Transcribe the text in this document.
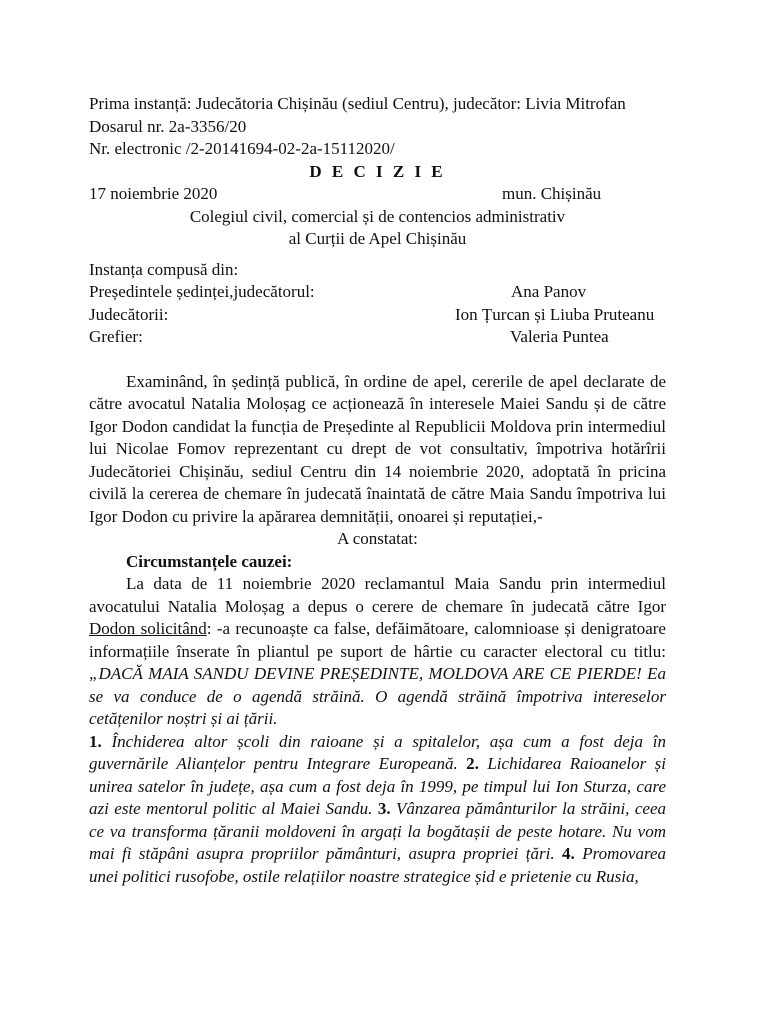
Prima instanță: Judecătoria Chișinău (sediul Centru), judecător: Livia Mitrofan
Dosarul nr. 2a-3356/20
Nr. electronic /2-20141694-02-2a-15112020/
D E C I Z I E
17 noiembrie 2020	mun. Chișinău
Colegiul civil, comercial și de contencios administrativ
al Curții de Apel Chișinău
Instanța compusă din:
Președintele ședinței,judecătorul:	Ana Panov
Judecătorii:	Ion Țurcan și Liuba Pruteanu
Grefier:	Valeria Puntea

Examinând, în ședință publică, în ordine de apel, cererile de apel declarate de către avocatul Natalia Moloșag ce acționează în interesele Maiei Sandu și de către Igor Dodon candidat la funcția de Președinte al Republicii Moldova prin intermediul lui Nicolae Fomov reprezentant cu drept de vot consultativ, împotriva hotărîrii Judecătoriei Chișinău, sediul Centru din 14 noiembrie 2020, adoptată în pricina civilă la cererea de chemare în judecată înaintată de către Maia Sandu împotriva lui Igor Dodon cu privire la apărarea demnității, onoarei și reputației,-

A constatat:

Circumstanțele cauzei:

La data de 11 noiembrie 2020 reclamantul Maia Sandu prin intermediul avocatului Natalia Moloșag a depus o cerere de chemare în judecată către Igor Dodon solicitând: -a recunoaște ca false, defăimătoare, calomnioase și denigratoare informațiile înserate în pliantul pe suport de hârtie cu caracter electoral cu titlu: „DACĂ MAIA SANDU DEVINE PREȘEDINTE, MOLDOVA ARE CE PIERDE! Ea se va conduce de o agendă străină. O agendă străină împotriva intereselor cetățenilor noștri și ai țării.

1. Închiderea altor școli din raioane și a spitalelor, așa cum a fost deja în guvernările Alianțelor pentru Integrare Europeană. 2. Lichidarea Raioanelor și unirea satelor în județe, așa cum a fost deja în 1999, pe timpul lui Ion Sturza, care azi este mentorul politic al Maiei Sandu. 3. Vânzarea pământurilor la străini, ceea ce va transforma țăranii moldoveni în argați la bogătașii de peste hotare. Nu vom mai fi stăpâni asupra propriilor pământuri, asupra propriei țări. 4. Promovarea unei politici rusofobe, ostile relațiilor noastre strategice șid e prietenie cu Rusia,
